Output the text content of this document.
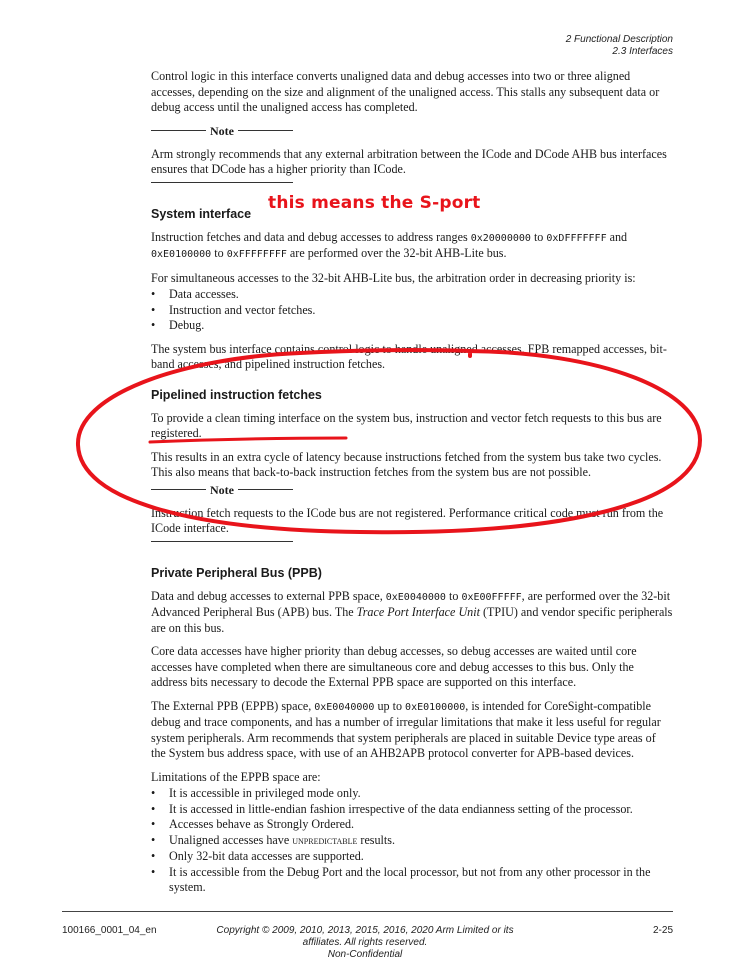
2 Functional Description
2.3 Interfaces

Control logic in this interface converts unaligned data and debug accesses into two or three aligned accesses, depending on the size and alignment of the unaligned access. This stalls any subsequent data or debug access until the unaligned access has completed.

Note

Arm strongly recommends that any external arbitration between the ICode and DCode AHB bus interfaces ensures that DCode has a higher priority than ICode.

System interface

Instruction fetches and data and debug accesses to address ranges 0x20000000 to 0xDFFFFFFF and
0xE0100000 to 0xFFFFFFFF are performed over the 32-bit AHB-Lite bus.

For simultaneous accesses to the 32-bit AHB-Lite bus, the arbitration order in decreasing priority is:

• Data accesses.
• Instruction and vector fetches.
• Debug.

The system bus interface contains control logic to handle unaligned accesses, FPB remapped accesses, bit-band accesses, and pipelined instruction fetches.

Pipelined instruction fetches

To provide a clean timing interface on the system bus, instruction and vector fetch requests to this bus are registered.

This results in an extra cycle of latency because instructions fetched from the system bus take two cycles. This also means that back-to-back instruction fetches from the system bus are not possible.

Note

Instruction fetch requests to the ICode bus are not registered. Performance critical code must run from the ICode interface.

Private Peripheral Bus (PPB)

Data and debug accesses to external PPB space, 0xE0040000 to 0xE00FFFFF, are performed over the 32-bit Advanced Peripheral Bus (APB) bus. The Trace Port Interface Unit (TPIU) and vendor specific peripherals are on this bus.

Core data accesses have higher priority than debug accesses, so debug accesses are waited until core accesses have completed when there are simultaneous core and debug accesses to this bus. Only the address bits necessary to decode the External PPB space are supported on this interface.

The External PPB (EPPB) space, 0xE0040000 up to 0xE0100000, is intended for CoreSight-compatible debug and trace components, and has a number of irregular limitations that make it less useful for regular system peripherals. Arm recommends that system peripherals are placed in suitable Device type areas of the System bus address space, with use of an AHB2APB protocol converter for APB-based devices.

Limitations of the EPPB space are:

• It is accessible in privileged mode only.
• It is accessed in little-endian fashion irrespective of the data endianness setting of the processor.
• Accesses behave as Strongly Ordered.
• Unaligned accesses have unpredictable results.
• Only 32-bit data accesses are supported.
• It is accessible from the Debug Port and the local processor, but not from any other processor in the system.
this means the S-port
100166_0001_04_en	Copyright © 2009, 2010, 2013, 2015, 2016, 2020 Arm Limited or its
affiliates. All rights reserved.
Non-Confidential
2-25
